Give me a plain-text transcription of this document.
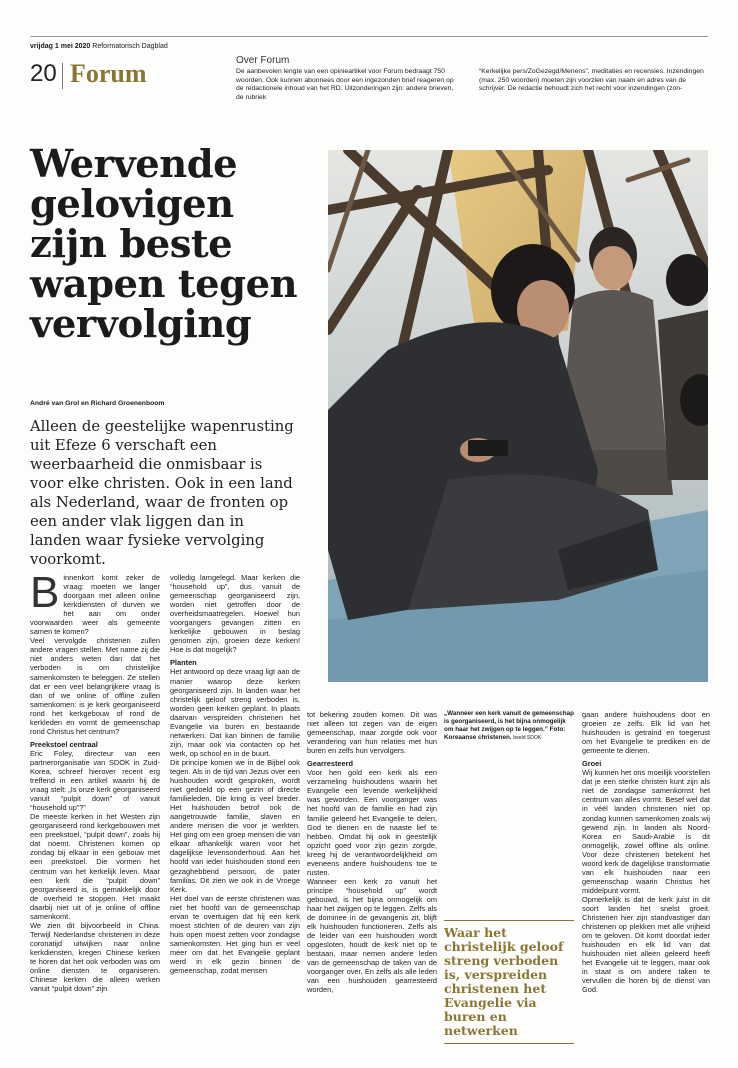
vrijdag 1 mei 2020 Reformatorisch Dagblad
20 Forum	Over Forum
De aanbevolen lengte van een opinieartikel voor Forum bedraagt 750 woorden. Ook kunnen abonnees door een ingezonden brief reageren op de redactionele inhoud van het RD. Uitzonderingen zijn: andere brieven, de rubriek
“Kerkelijke pers/ZoGezegd/Menens”, meditaties en recensies. Inzendingen (max. 250 woorden) moeten zijn voorzien van naam en adres van de schrijver. De redactie behoudt zich het recht voor inzendingen (zon-
Wervende gelovigen zijn beste wapen tegen vervolging
André van Grol en Richard Groenenboom
Alleen de geestelijke wapenrusting uit Efeze 6 verschaft een weerbaarheid die onmisbaar is voor elke christen. Ook in een land als Nederland, waar de fronten op een ander vlak liggen dan in landen waar fysieke vervolging voorkomt.

Binnenkort komt zeker de vraag: moeten we langer doorgaan met alleen online kerkdiensten of durven we het aan om onder voorwaarden weer als gemeente samen te komen?

Veel vervolgde christenen zullen andere vragen stellen. Met name zij die niet anders weten dan dat het verboden is om christelijke samenkomsten te beleggen. Ze stellen dat er een veel belangrijkere vraag is dan of we online of offline zullen samenkomen: is je kerk georganiseerd rond het kerkgebouw of rond de kerkleden en vormt de gemeenschap rond Christus het centrum?

Preekstoel centraal

Eric Foley, directeur van een partnerorganisatie van SDOK in Zuid-Korea, schreef hierover recent erg treffend in een artikel waarin hij de vraag stelt: „Is onze kerk georganiseerd vanuit “pulpit down” of vanuit “household up”?”

De meeste kerken in het Westen zijn georganiseerd rond kerkgebouwen met een preekstoel, “pulpit down”, zoals hij dat noemt. Christenen komen op zondag bij elkaar in een gebouw met een preekstoel. Die vormen het centrum van het kerkelijk leven. Maar een kerk die “pulpit down” georganiseerd is, is gemakkelijk door de overheid te stoppen. Het maakt daarbij niet uit of je online of offline samenkomt.

We zien dit bijvoorbeeld in China. Terwijl Nederlandse christenen in deze coronatijd uitwijken naar online kerkdiensten, kregen Chinese kerken te horen dat het ook verboden was om online diensten te organiseren. Chinese kerken die alleen werken vanuit “pulpit down” zijn

volledig lamgelegd. Maar kerken die “household up”, dus vanuit de gemeenschap georganiseerd zijn, worden niet getroffen door de overheidsmaatregelen. Hoewel hun voorgangers gevangen zitten en kerkelijke gebouwen in beslag genomen zijn, groeien deze kerken! Hoe is dat mogelijk?

Planten

Het antwoord op deze vraag ligt aan de manier waarop deze kerken georganiseerd zijn. In landen waar het christelijk geloof streng verboden is, worden geen kerken geplant. In plaats daarvan verspreiden christenen het Evangelie via buren en bestaande netwerken. Dat kan binnen de familie zijn, maar ook via contacten op het werk, op school en in de buurt.

Dit principe komen we in de Bijbel ook tegen. Als in de tijd van Jezus over een huishouden wordt gesproken, wordt niet gedoeld op een gezin of directe familieleden. Die kring is veel breder. Het huishouden betrof ook de aangetrouwde familie, slaven en andere mensen die voor je werkten. Het ging om een groep mensen die van elkaar afhankelijk waren voor het dagelijkse levensonderhoud. Aan het hoofd van ieder huishouden stond een gezaghebbend persoon, de pater familias. Dit zien we ook in de Vroege Kerk.

Het doel van de eerste christenen was niet het hoofd van de gemeenschap ervan te overtuigen dat hij een kerk moest stichten of de deuren van zijn huis open moest zetten voor zondagse samenkomsten. Het ging hun er veel meer om dat het Evangelie geplant werd in elk gezin binnen de gemeenschap, zodat mensen

tot bekering zouden komen. Dit was niet alleen tot zegen van de eigen gemeenschap, maar zorgde ook voor verandering van hun relaties met hun buren en zelfs hun vervolgers.

Gearresteerd

Voor hen gold een kerk als een verzameling huishoudens waarin het Evangelie een levende werkelijkheid was geworden. Een voorganger was het hoofd van de familie en had zijn familie geleerd het Evangelie te delen, God te dienen en de naaste lief te hebben. Omdat hij ook in geestelijk opzicht goed voor zijn gezin zorgde, kreeg hij de verantwoordelijkheid om eveneens andere huishoudens toe te rusten.

Wanneer een kerk zo vanuit het principe “household up” wordt gebouwd, is het bijna onmogelijk om haar het zwijgen op te leggen. Zelfs als de dominee in de gevangenis zit, blijft elk huishouden functioneren. Zelfs als de leider van een huishouden wordt opgesloten, houdt de kerk niet op te bestaan, maar nemen andere leden van de gemeenschap de taken van de voorganger over. En zelfs als alle leden van een huishouden gearresteerd worden,

„Wanneer een kerk vanuit de gemeenschap is georganiseerd, is het bijna onmogelijk om haar het zwijgen op te leggen.” Foto: Koreaanse christenen. beeld SDOK
Waar het christelijk geloof streng verboden is, verspreiden christenen het Evangelie via buren en netwerken

gaan andere huishoudens door en groeien ze zelfs. Elk lid van het huishouden is getraind en toegerust om het Evangelie te prediken en de gemeente te dienen.

Groei

Wij kunnen het ons moeilijk voorstellen dat je een sterke christen kunt zijn als niet de zondagse samenkomst het centrum van alles vormt. Besef wel dat in véél landen christenen niet op zondag kunnen samenkomen zoals wij gewend zijn. In landen als Noord-Korea en Saudi-Arabië is dit onmogelijk, zowel offline als online. Voor deze christenen betekent het woord kerk de dagelijkse transformatie van elk huishouden naar een gemeenschap waarin Christus het middelpunt vormt.

Opmerkelijk is dat de kerk juist in dit soort landen het snelst groeit. Christenen hier zijn standvastiger dan christenen op plekken met alle vrijheid om te geloven. Dit komt doordat ieder huishouden en elk lid van dat huishouden niet alleen geleerd heeft het Evangelie uit te leggen, maar ook in staat is om andere taken te vervullen die horen bij de dienst van God.
